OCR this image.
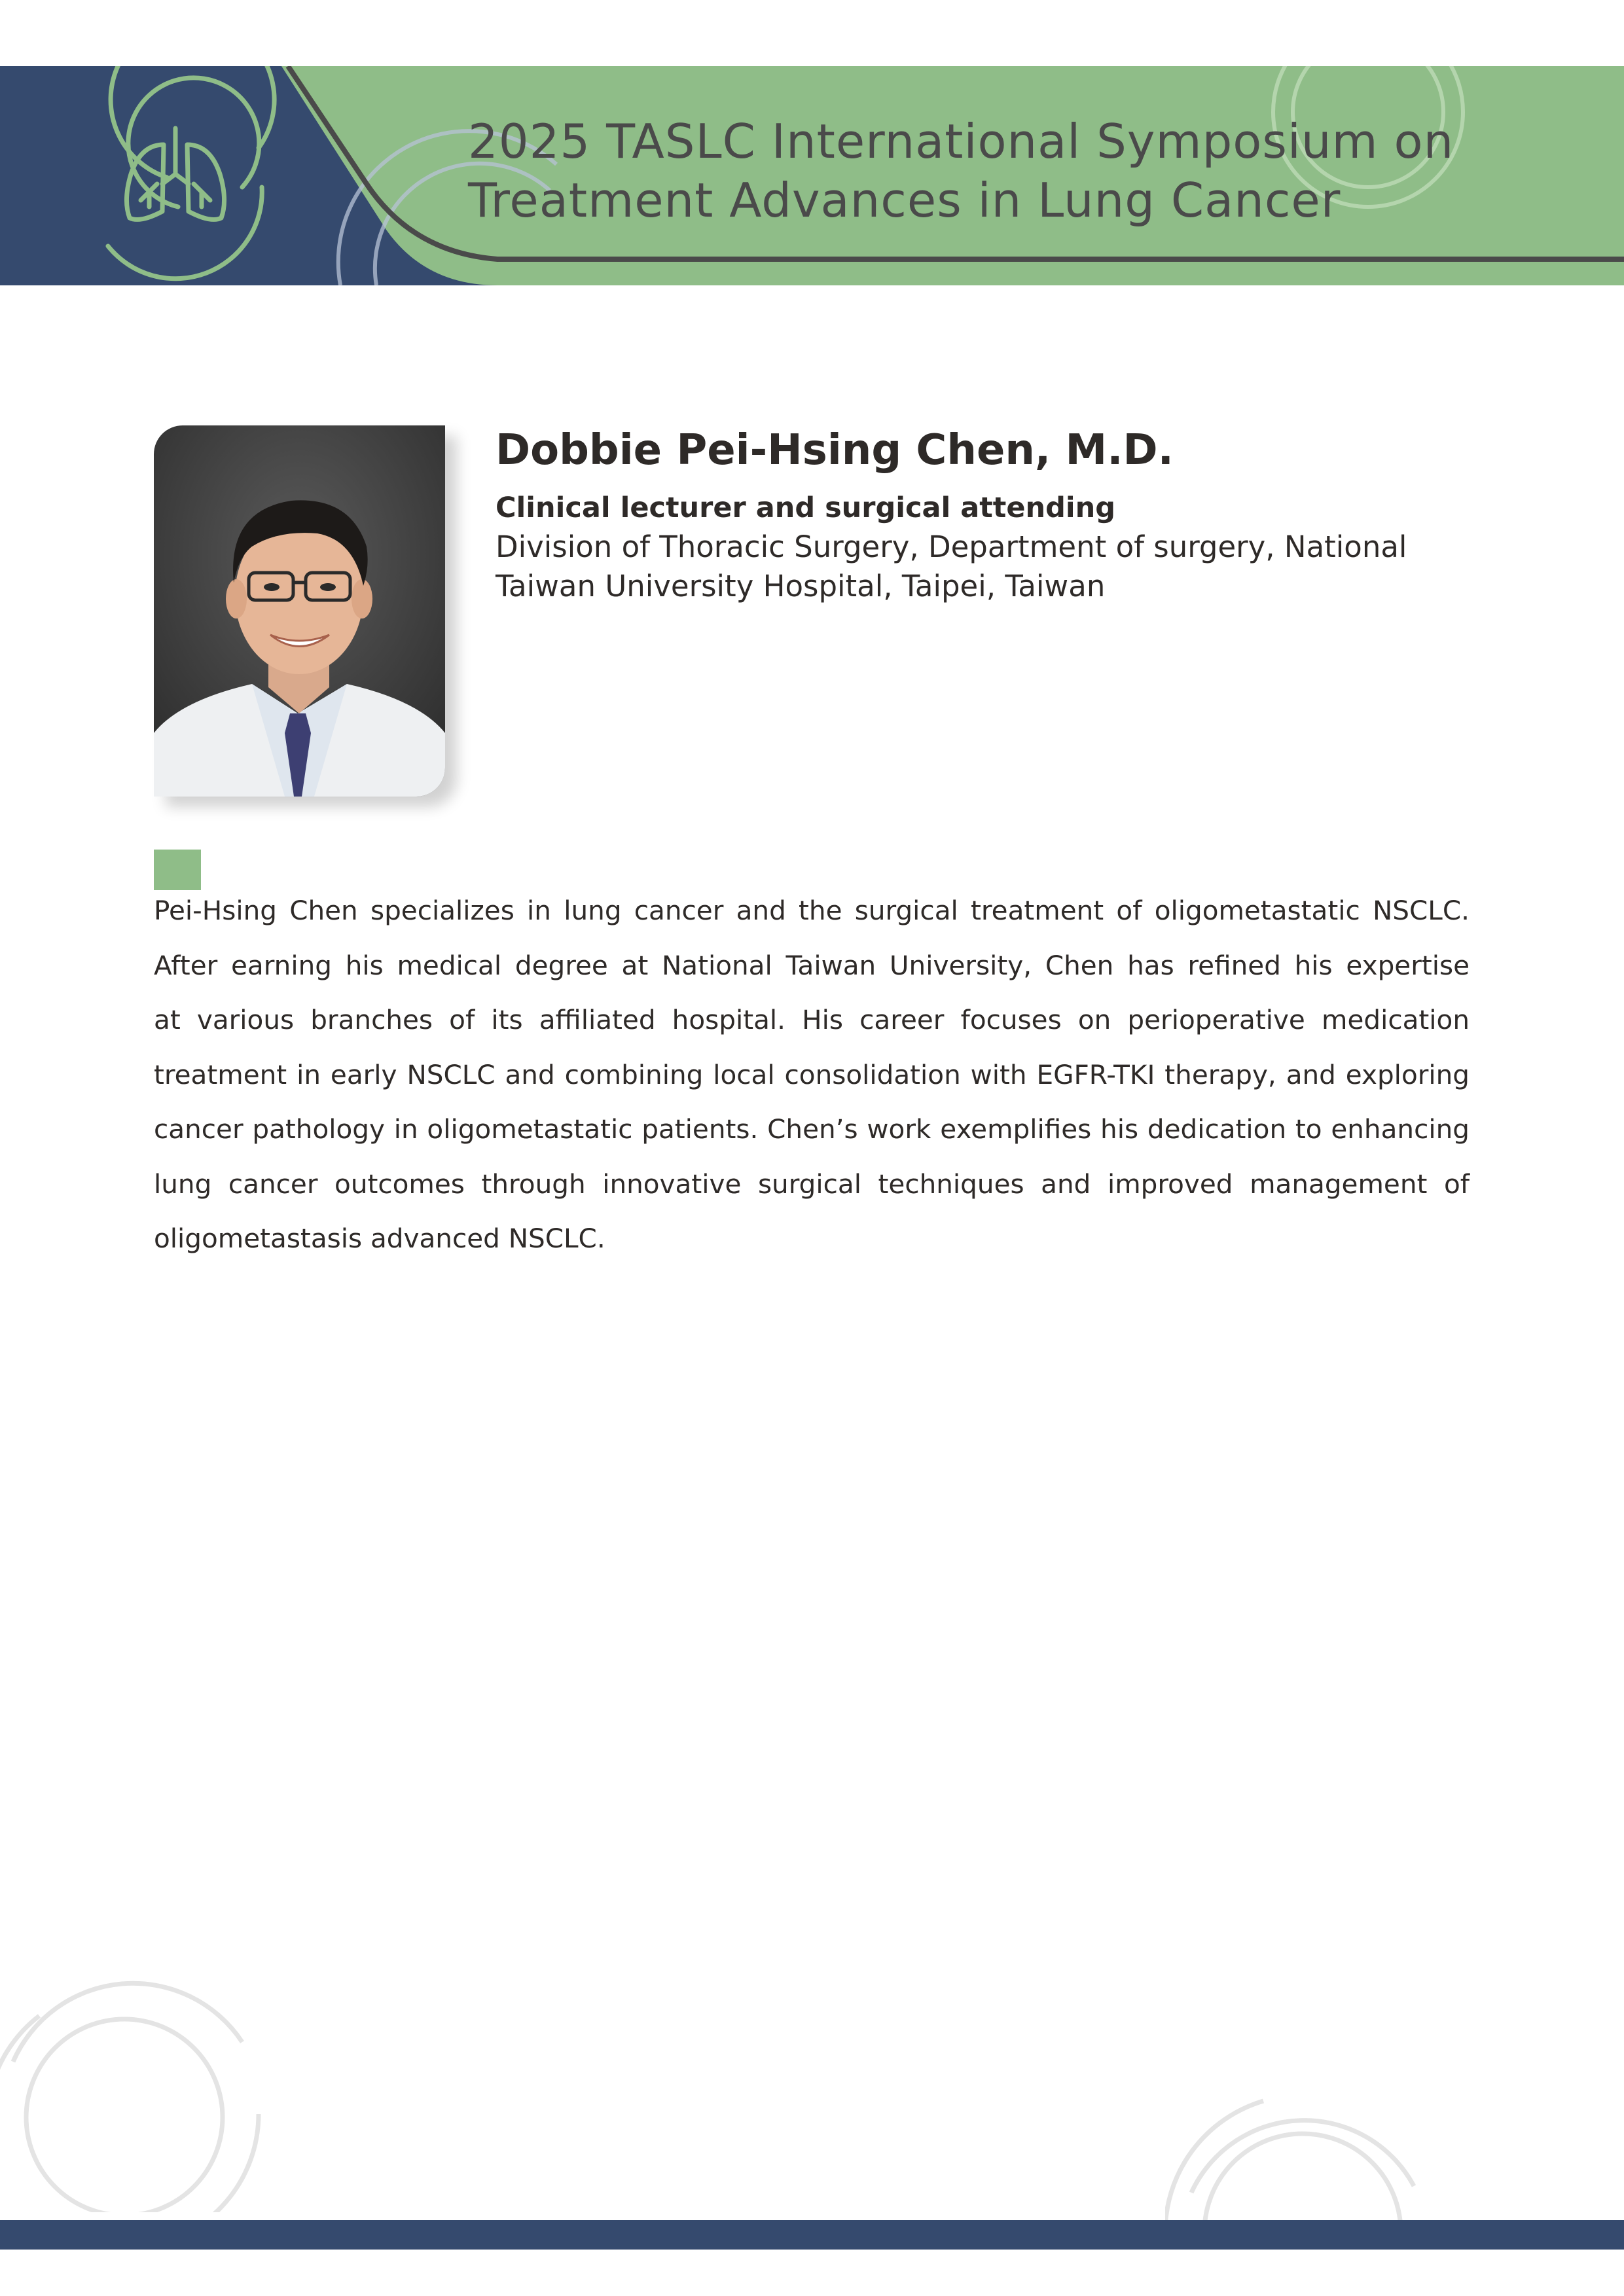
2025 TASLC International Symposium on
Treatment Advances in Lung Cancer
Dobbie Pei-Hsing Chen, M.D.

Clinical lecturer and surgical attending

Division of Thoracic Surgery, Department of surgery, National
Taiwan University Hospital, Taipei, Taiwan

Pei-Hsing Chen specializes in lung cancer and the surgical treatment of oligometastatic NSCLC.
After earning his medical degree at National Taiwan University, Chen has refined his expertise
at various branches of its affiliated hospital. His career focuses on perioperative medication
treatment in early NSCLC and combining local consolidation with EGFR-TKI therapy, and exploring
cancer pathology in oligometastatic patients. Chen’s work exemplifies his dedication to enhancing
lung cancer outcomes through innovative surgical techniques and improved management of
oligometastasis advanced NSCLC.
